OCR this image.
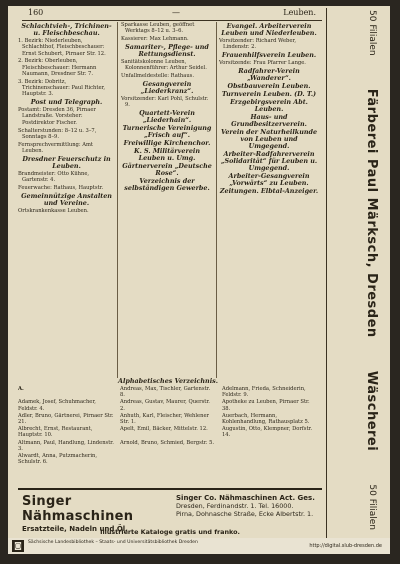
160	—	Leuben.
Schlachtvieh-, Trichinen- u. Fleischbeschau.

1. Bezirk: Niederleuben, Schlachthof, Fleischbeschauer: Ernst Schubert, Pirnaer Str. 12.

2. Bezirk: Oberleuben, Fleischbeschauer: Hermann Naumann, Dresdner Str. 7.

3. Bezirk: Dobritz, Trichinenschauer: Paul Richter, Hauptstr. 3.

Post und Telegraph.

Postamt: Dresden 36, Pirnaer Landstraße. Vorsteher: Postdirektor Fischer.

Schalterstunden: 8–12 u. 3–7, Sonntags 8–9.

Fernsprechvermittlung: Amt Leuben.

Dresdner Feuerschutz in Leuben.

Brandmeister: Otto Kühne, Gartenstr. 4.

Feuerwache: Rathaus, Hauptstr.

Gemeinnützige Anstalten und Vereine.

Ortskrankenkasse Leuben.

Sparkasse Leuben, geöffnet Werktags 8–12 u. 3–6.

Kassierer: Max Lehmann.

Samariter-, Pflege- und Rettungsdienst.

Sanitätskolonne Leuben, Kolonnenführer: Arthur Seidel.

Unfallmeldestelle: Rathaus.

Gesangverein „Liederkranz“.

Vorsitzender: Karl Pohl, Schulstr. 9.

Quartett-Verein „Liederhain“.
Turnerische Vereinigung „Frisch auf“.
Freiwillige Kirchenchor.
K. S. Militärverein Leuben u. Umg.
Gärtnerverein „Deutsche Rose“.
Verzeichnis der selbständigen Gewerbe.
Evangel. Arbeiterverein Leuben und Niederleuben.

Vorsitzender: Richard Weber, Lindenstr. 2.

Frauenhilfsverein Leuben.

Vorsitzende: Frau Pfarrer Lange.

Radfahrer-Verein „Wanderer“.
Obstbauverein Leuben.
Turnverein Leuben. (D. T.)
Erzgebirgsverein Abt. Leuben.
Haus- und Grundbesitzerverein.
Verein der Naturheilkunde von Leuben und Umgegend.
Arbeiter-Radfahrerverein „Solidarität“ für Leuben u. Umgegend.
Arbeiter-Gesangverein „Vorwärts“ zu Leuben.
Zeitungen. Elbtal-Anzeiger.
Alphabetisches Verzeichnis.

A.	Andreas, Max, Tischler, Gartenstr. 8.

Adelmann, Frieda, Schneiderin, Feldstr. 9.

Adamek, Josef, Schuhmacher, Feldstr. 4.

Andreas, Gustav, Maurer, Querstr. 2.

Apotheke zu Leuben, Pirnaer Str. 38.

Adler, Bruno, Gärtnerei, Pirnaer Str. 21.

Anhuth, Karl, Fleischer, Wehlener Str. 1.

Auerbach, Hermann, Kohlenhandlung, Rathausplatz 5.

Albrecht, Ernst, Restaurant, Hauptstr. 10.

Apelt, Emil, Bäcker, Mittelstr. 12.	Augustin, Otto, Klempner, Dorfstr. 14.

Altmann, Paul, Handlung, Lindenstr. 3.

Arnold, Bruno, Schmied, Bergstr. 5.

Alwardt, Anna, Putzmacherin, Schulstr. 6.

Singer Nähmaschinen
Ersatzteile, Nadeln und Öl.
Singer Co. Nähmaschinen Act. Ges.
Dresden, Ferdinandstr. 1. Tel. 16000.
Pirna, Dohnasche Straße, Ecke Albertstr. 1.
Illustrierte Kataloge gratis und franko.
50 Filialen
Färberei Paul Märksch, Dresden
Wäscherei
50 Filialen
◙	Sächsische Landesbibliothek – Staats- und Universitätsbibliothek Dresden
http://digital.slub-dresden.de
